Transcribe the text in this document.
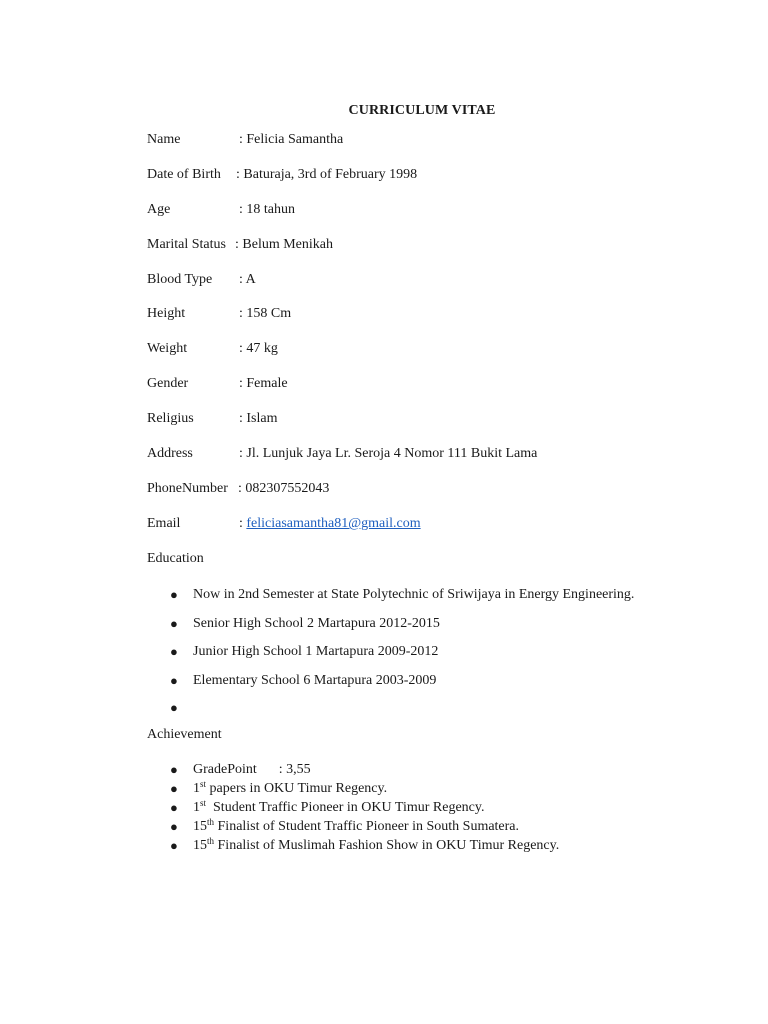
CURRICULUM VITAE
Name	: Felicia Samantha
Date of Birth : Baturaja, 3rd of February 1998
Age	: 18 tahun
Marital Status : Belum Menikah
Blood Type : A
Height	: 158 Cm
Weight	: 47 kg
Gender	: Female
Religius	: Islam
Address	: Jl. Lunjuk Jaya Lr. Seroja 4 Nomor 111 Bukit Lama
PhoneNumber : 082307552043
Email	: feliciasamantha81@gmail.com
Education
● Now in 2nd Semester at State Polytechnic of Sriwijaya in Energy Engineering.
● Senior High School 2 Martapura 2012-2015
● Junior High School 1 Martapura 2009-2012
● Elementary School 6 Martapura 2003-2009
●
Achievement
● GradePoint : 3,55
● 1st papers in OKU Timur Regency.
● 1st  Student Traffic Pioneer in OKU Timur Regency.
● 15th Finalist of Student Traffic Pioneer in South Sumatera.
● 15th Finalist of Muslimah Fashion Show in OKU Timur Regency.
